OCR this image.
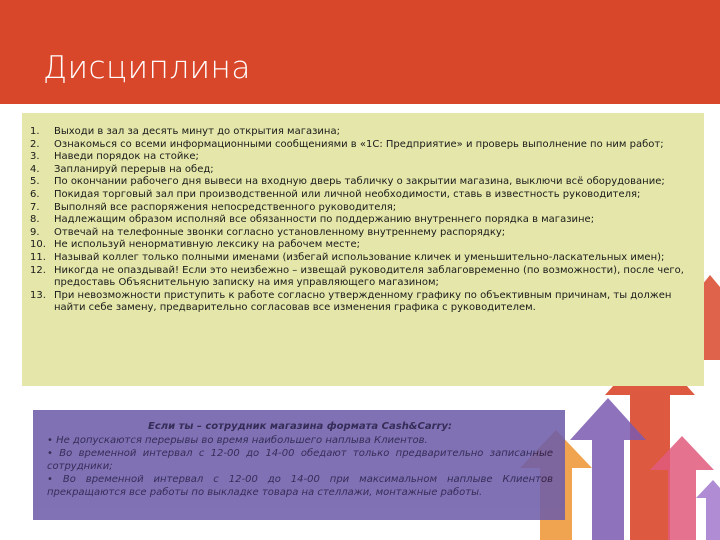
Дисциплина
1.	Выходи в зал за десять минут до открытия магазина;
2.	Ознакомься со всеми информационными сообщениями в «1С: Предприятие» и проверь выполнение по ним работ;
3.	Наведи порядок на стойке;
4.	Запланируй перерыв на обед;
5.	По окончании рабочего дня вывеси на входную дверь табличку о закрытии магазина, выключи всё оборудование;
6.	Покидая торговый зал при производственной или личной необходимости, ставь в известность руководителя;
7.	Выполняй все распоряжения непосредственного руководителя;
8.	Надлежащим образом исполняй все обязанности по поддержанию внутреннего порядка в магазине;
9.	Отвечай на телефонные звонки согласно установленному внутреннему распорядку;
10. Не используй ненормативную лексику на рабочем месте;
11. Называй коллег только полными именами (избегай использование кличек и уменьшительно-ласкательных имен);
12. Никогда не опаздывай! Если это неизбежно – извещай руководителя заблаговременно (по возможности), после чего, предоставь Объяснительную записку на имя управляющего магазином;
13. При невозможности приступить к работе согласно утвержденному графику по объективным причинам, ты должен найти себе замену, предварительно согласовав все изменения графика с руководителем.
Если ты – сотрудник магазина формата Cash&Carry:
• Не допускаются перерывы во время наибольшего наплыва Клиентов.
• Во временной интервал с 12-00 до 14-00 обедают только предварительно записанные сотрудники;
• Во временной интервал с 12-00 до 14-00 при максимальном наплыве Клиентов прекращаются все работы по выкладке товара на стеллажи, монтажные работы.
